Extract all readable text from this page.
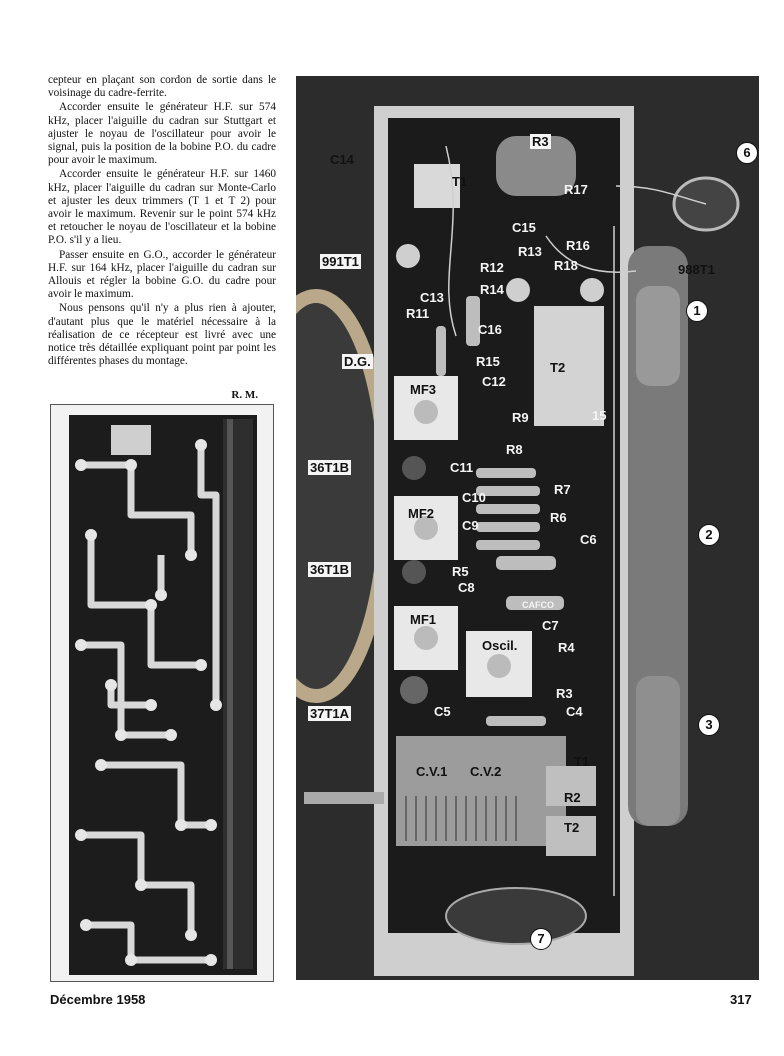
cepteur en plaçant son cordon de sortie dans le voisinage du cadre-ferrite.

Accorder ensuite le générateur H.F. sur 574 kHz, placer l'aiguille du cadran sur Stuttgart et ajuster le noyau de l'oscillateur pour avoir le signal, puis la position de la bobine P.O. du cadre pour avoir le maximum.

Accorder ensuite le générateur H.F. sur 1460 kHz, placer l'aiguille du cadran sur Monte-Carlo et ajuster les deux trimmers (T 1 et T 2) pour avoir le maximum. Revenir sur le point 574 kHz et retoucher le noyau de l'oscillateur et la bobine P.O. s'il y a lieu.

Passer ensuite en G.O., accorder le générateur H.F. sur 164 kHz, placer l'aiguille du cadran sur Allouis et régler la bobine G.O. du cadre pour avoir le maximum.

Nous pensons qu'il n'y a plus rien à ajouter, d'autant plus que le matériel nécessaire à la réalisation de ce récepteur est livré avec une notice très détaillée expliquant point par point les différentes phases du montage.

R. M.
C14
R3
T1
R17
C15
R16
R13
991T1	R12	R18	988T1
R14
C13
R11
C16
D.G.	R15	T2
MF3
C12
R9	15
R8
36T1B	C11
R7
C10
MF2	R6
C6
C9
36T1B	R5
C8
CAFCO
C7
MF1
Oscil.	R4
R3
37T1A	C5	C4
C.V.1 C.V.2
T1
R2
T2
1
2
3
6
7
Décembre 1958	317
